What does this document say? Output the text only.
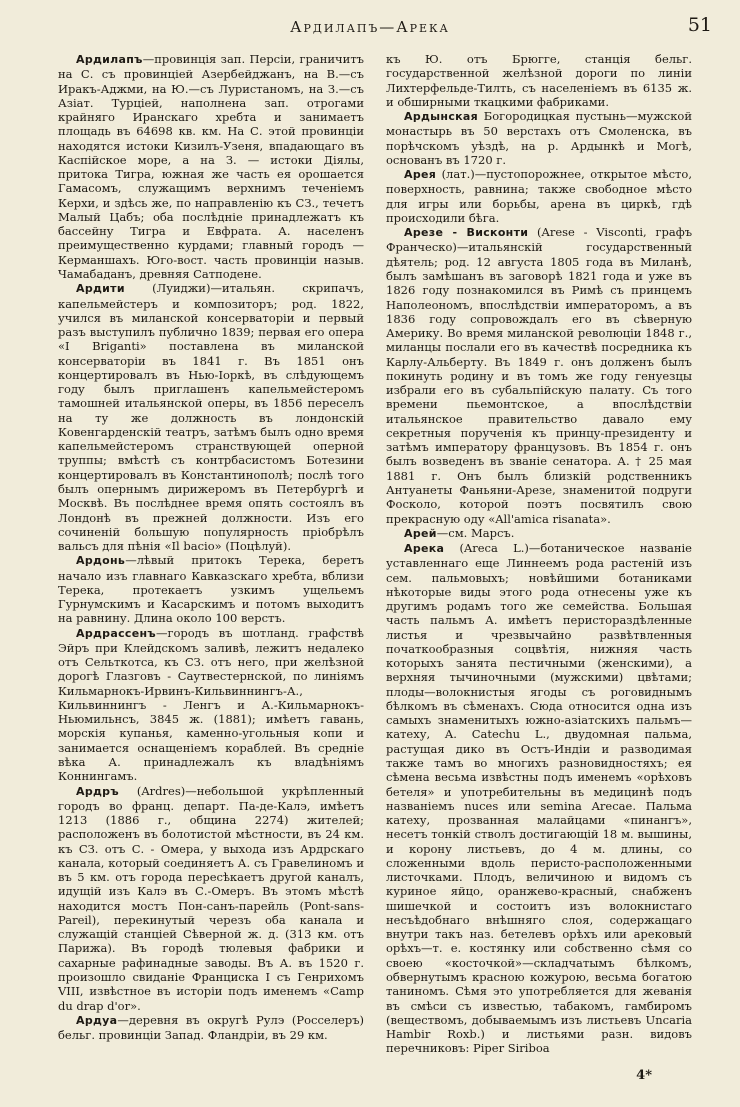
Ардилапъ—Арека	51

Ардилапъ—провинція зап. Персіи, граничитъ на С. съ провинціей Азербейджанъ, на В.—съ Иракъ-Аджми, на Ю.—съ Луристаномъ, на З.—съ Азіат. Турціей, наполнена зап. отрогами крайняго Иранскаго хребта и занимаетъ площадь въ 64698 кв. км. На С. этой провинціи находятся истоки Кизилъ-Узеня, впадающаго въ Каспійское море, а на З. — истоки Діялы, притока Тигра, южная же часть ея орошается Гамасомъ, служащимъ верхнимъ теченіемъ Керхи, и здѣсь же, по направленію къ СЗ., течетъ Малый Цабъ; оба послѣдніе принадлежатъ къ бассейну Тигра и Евфрата. А. населенъ преимущественно курдами; главный городъ — Керманшахъ. Юго-вост. часть провинціи назыв. Чамабаданъ, древняя Сатподене.

Ардити (Луиджи)—итальян. скрипачъ, капельмейстеръ и композиторъ; род. 1822, учился въ миланской консерваторіи и первый разъ выступилъ публично 1839; первая его опера «I Briganti» поставлена въ миланской консерваторіи въ 1841 г. Въ 1851 онъ концертировалъ въ Нью-Іоркѣ, въ слѣдующемъ году былъ приглашенъ капельмейстеромъ тамошней итальянской оперы, въ 1856 переселъ на ту же должность въ лондонскій Ковенгарденскій театръ, затѣмъ былъ одно время капельмейстеромъ странствующей оперной труппы; вмѣстѣ съ контрбасистомъ Ботезини концертировалъ въ Константинополѣ; послѣ того былъ опернымъ дирижеромъ въ Петербургѣ и Москвѣ. Въ послѣднее время опять состоялъ въ Лондонѣ въ прежней должности. Изъ его сочиненій большую популярность пріобрѣлъ вальсъ для пѣнія «Il bacio» (Поцѣлуй).

Ардонь—лѣвый притокъ Терека, беретъ начало изъ главнаго Кавказскаго хребта, вблизи Терека, протекаетъ узкимъ ущельемъ Гурнумскимъ и Касарскимъ и потомъ выходитъ на равнину. Длина около 100 верстъ.

Ардрассенъ—городъ въ шотланд. графствѣ Эйръ при Клейдскомъ заливѣ, лежитъ недалеко отъ Сельткотса, къ СЗ. отъ него, при желѣзной дорогѣ Глазговъ - Саутвестернской, по линіямъ Кильмарнокъ-Ирвинъ-Кильвиннингъ-А., Кильвиннингъ - Ленгъ и А.-Кильмарнокъ-Ньюмильнсъ, 3845 ж. (1881); имѣетъ гавань, морскія купанья, каменно-угольныя копи и занимается оснащеніемъ кораблей. Въ средніе вѣка А. принадлежалъ къ владѣніямъ Коннингамъ.

Ардръ (Ardres)—небольшой укрѣпленный городъ во франц. департ. Па-де-Калэ, имѣетъ 1213 (1886 г., община 2274) жителей; расположенъ въ болотистой мѣстности, въ 24 км. къ СЗ. отъ С. - Омера, у выхода изъ Ардрскаго канала, который соединяетъ А. съ Гравелиномъ и въ 5 км. отъ города пересѣкаетъ другой каналъ, идущій изъ Калэ въ С.-Омеръ. Въ этомъ мѣстѣ находится мостъ Пон-санъ-парейль (Pont-sans-Pareil), перекинутый черезъ оба канала и служащій станціей Сѣверной ж. д. (313 км. отъ Парижа). Въ городѣ тюлевыя фабрики и сахарные рафинадные заводы. Въ А. въ 1520 г. произошло свиданіе Франциска I съ Генрихомъ VIII, извѣстное въ исторіи подъ именемъ «Camp du drap d'or».

Ардуа—деревня въ округѣ Рулэ (Росселеръ) бельг. провинціи Запад. Фландріи, въ 29 км.

къ Ю. отъ Брюгге, станція бельг. государственной желѣзной дороги по линіи Лихтерфельде-Тилть, съ населеніемъ въ 6135 ж. и обширными ткацкими фабриками.

Ардынская Богородицкая пустынь—мужской монастырь въ 50 верстахъ отъ Смоленска, въ порѣчскомъ уѣздѣ, на р. Ардынкѣ и Могѣ, основанъ въ 1720 г.

Арея (лат.)—пустопорожнее, открытое мѣсто, поверхность, равнина; также свободное мѣсто для игры или борьбы, арена въ циркѣ, гдѣ происходили бѣга.

Арезе - Висконти (Arese - Visconti, графъ Франческо)—итальянскій государственный дѣятель; род. 12 августа 1805 года въ Миланѣ, былъ замѣшанъ въ заговорѣ 1821 года и уже въ 1826 году познакомился въ Римѣ съ принцемъ Наполеономъ, впослѣдствіи императоромъ, а въ 1836 году сопровождалъ его въ сѣверную Америку. Во время миланской революціи 1848 г., миланцы послали его въ качествѣ посредника къ Карлу-Альберту. Въ 1849 г. онъ долженъ былъ покинуть родину и въ томъ же году генуезцы избрали его въ субальпійскую палату. Съ того времени пьемонтское, а впослѣдствіи итальянское правительство давало ему секретныя порученія къ принцу-президенту и затѣмъ императору французовъ. Въ 1854 г. онъ былъ возведенъ въ званіе сенатора. А. † 25 мая 1881 г. Онъ былъ близкій родственникъ Антуанеты Фаньяни-Арезе, знаменитой подруги Фосколо, которой поэтъ посвятилъ свою прекрасную оду «All'amica risanata».

Арей—см. Марсъ.

Арека (Areca L.)—ботаническое названіе уставленнаго еще Линнеемъ рода растеній изъ сем. пальмовыхъ; новѣйшими ботаниками нѣкоторые виды этого рода отнесены уже къ другимъ родамъ того же семейства. Большая часть пальмъ А. имѣетъ перистораздѣленные листья и чрезвычайно развѣтвленныя початкообразныя соцвѣтія, нижняя часть которыхъ занята пестичными (женскими), а верхняя тычиночными (мужскими) цвѣтами; плоды—волокнистыя ягоды съ роговиднымъ бѣлкомъ въ сѣменахъ. Сюда относится одна изъ самыхъ знаменитыхъ южно-азіатскихъ пальмъ—катеху, A. Catechu L., двудомная пальма, растущая дико въ Остъ-Индіи и разводимая также тамъ во многихъ разновидностяхъ; ея сѣмена весьма извѣстны подъ именемъ «орѣховъ бетеля» и употребительны въ медицинѣ подъ названіемъ nuces или semina Arecae. Пальма катеху, прозванная малайцами «пинангъ», несетъ тонкій стволъ достигающій 18 м. вышины, и корону листьевъ, до 4 м. длины, со сложенными вдоль перисто-расположенными листочками. Плодъ, величиною и видомъ съ куриное яйцо, оранжево-красный, снабженъ шишечкой и состоитъ изъ волокнистаго несъѣдобнаго внѣшняго слоя, содержащаго внутри такъ наз. бетелевъ орѣхъ или арековый орѣхъ—т. е. костянку или собственно сѣмя со своею «косточкой»—складчатымъ бѣлкомъ, обвернутымъ красною кожурою, весьма богатою таниномъ. Сѣмя это употребляется для жеванія въ смѣси съ известью, табакомъ, гамбиромъ (веществомъ, добываемымъ изъ листьевъ Uncaria Hambir Roxb.) и листьями разн. видовъ перечниковъ: Piper Siriboa

4*
